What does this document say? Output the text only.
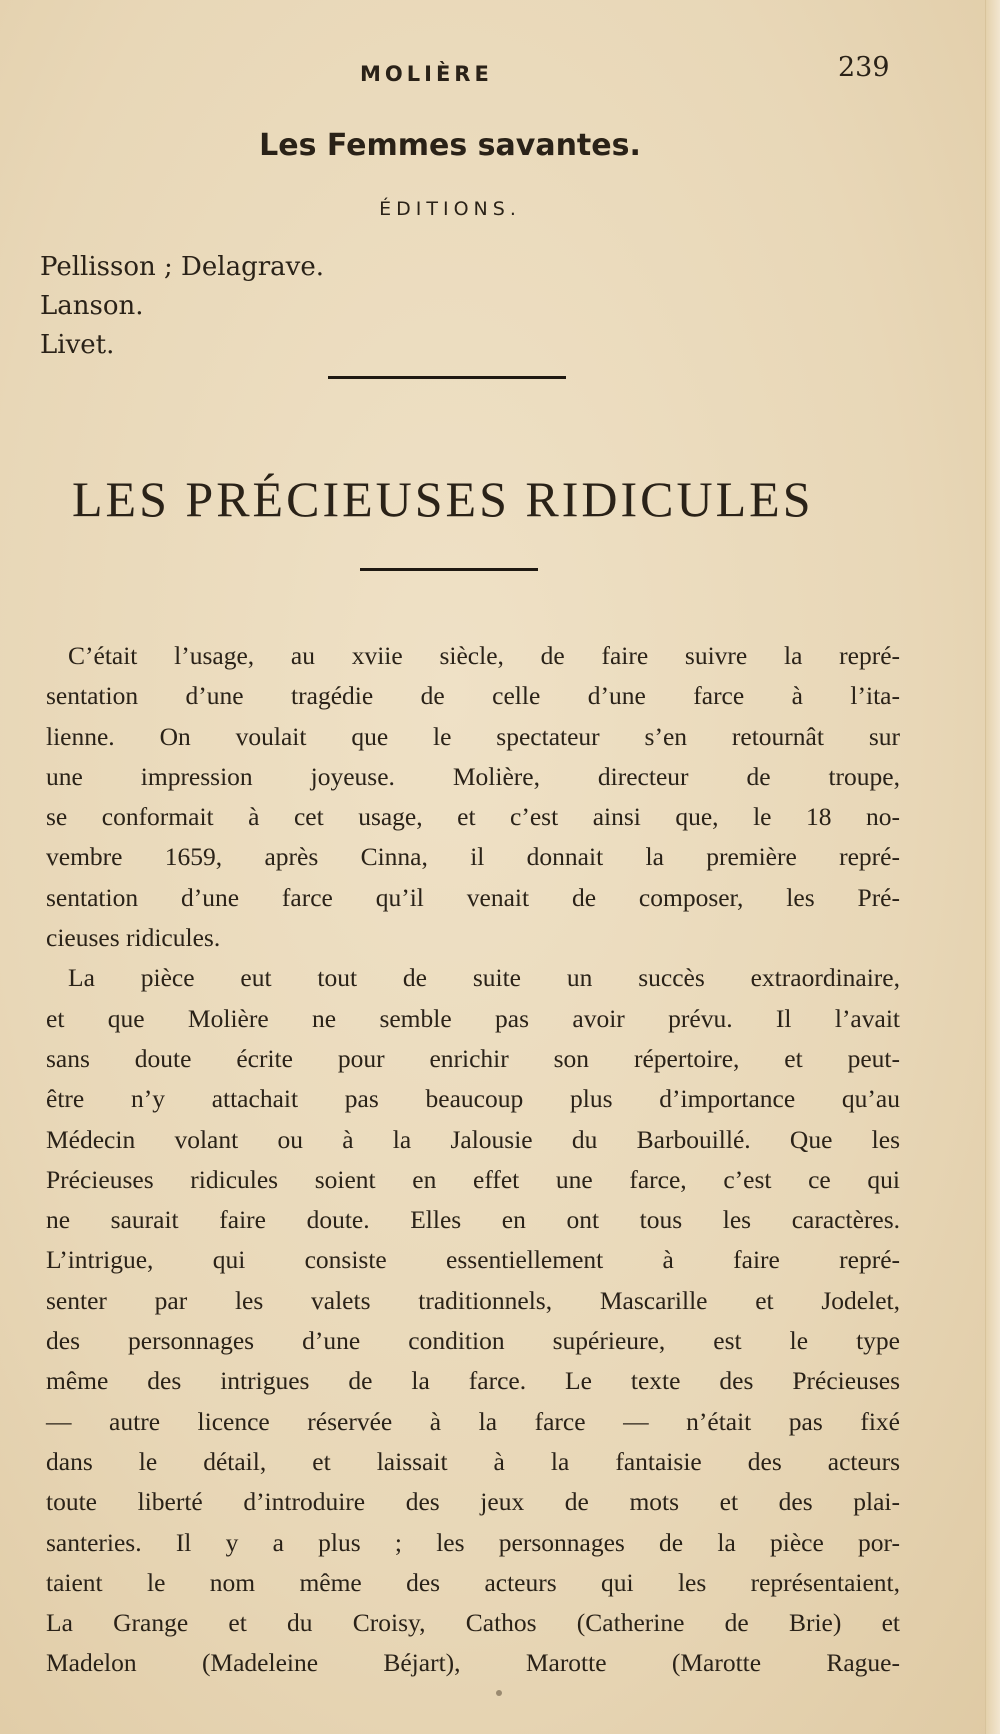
MOLIÈRE	239
Les Femmes savantes.
ÉDITIONS.
Pellisson ; Delagrave.
Lanson.
Livet.
LES PRÉCIEUSES RIDICULES
C’était l’usage, au xviie siècle, de faire suivre la repré-
sentation d’une tragédie de celle d’une farce à l’ita-
lienne. On voulait que le spectateur s’en retournât sur
une impression joyeuse. Molière, directeur de troupe,
se conformait à cet usage, et c’est ainsi que, le 18 no-
vembre 1659, après Cinna, il donnait la première repré-
sentation d’une farce qu’il venait de composer, les Pré-
cieuses ridicules.
La pièce eut tout de suite un succès extraordinaire,
et que Molière ne semble pas avoir prévu. Il l’avait
sans doute écrite pour enrichir son répertoire, et peut-
être n’y attachait pas beaucoup plus d’importance qu’au
Médecin volant ou à la Jalousie du Barbouillé. Que les
Précieuses ridicules soient en effet une farce, c’est ce qui
ne saurait faire doute. Elles en ont tous les caractères.
L’intrigue, qui consiste essentiellement à faire repré-
senter par les valets traditionnels, Mascarille et Jodelet,
des personnages d’une condition supérieure, est le type
même des intrigues de la farce. Le texte des Précieuses
— autre licence réservée à la farce — n’était pas fixé
dans le détail, et laissait à la fantaisie des acteurs
toute liberté d’introduire des jeux de mots et des plai-
santeries. Il y a plus ; les personnages de la pièce por-
taient le nom même des acteurs qui les représentaient,
La Grange et du Croisy, Cathos (Catherine de Brie) et
Madelon (Madeleine Béjart), Marotte (Marotte Rague-
